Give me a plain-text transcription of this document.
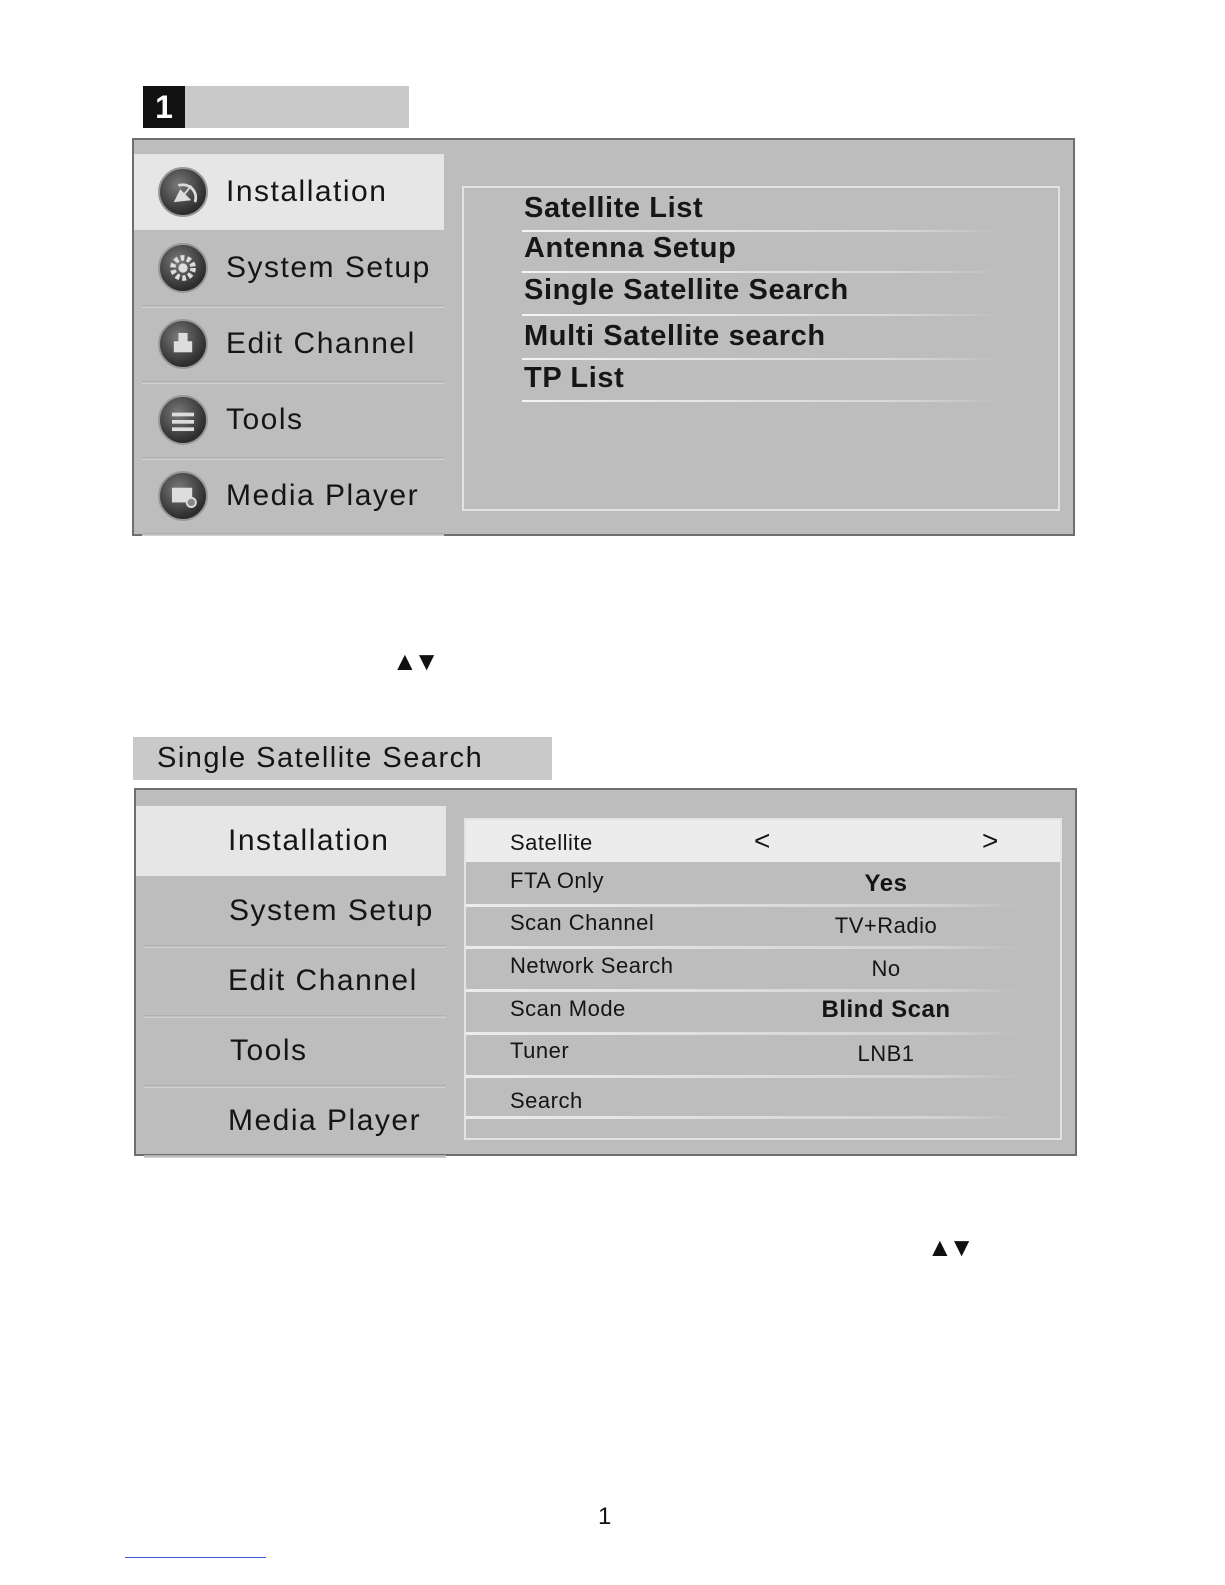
1
Installation
System Setup
Edit Channel
Tools
Media Player
Satellite List
Antenna Setup
Single Satellite Search
Multi Satellite search
TP List
▲▼
Single Satellite Search
Installation
System Setup
Edit Channel
Tools
Media Player
Satellite	<	>
FTA Only	Yes
Scan Channel	TV+Radio
Network Search	No
Scan Mode	Blind Scan
Tuner	LNB1
Search
▲▼
1
